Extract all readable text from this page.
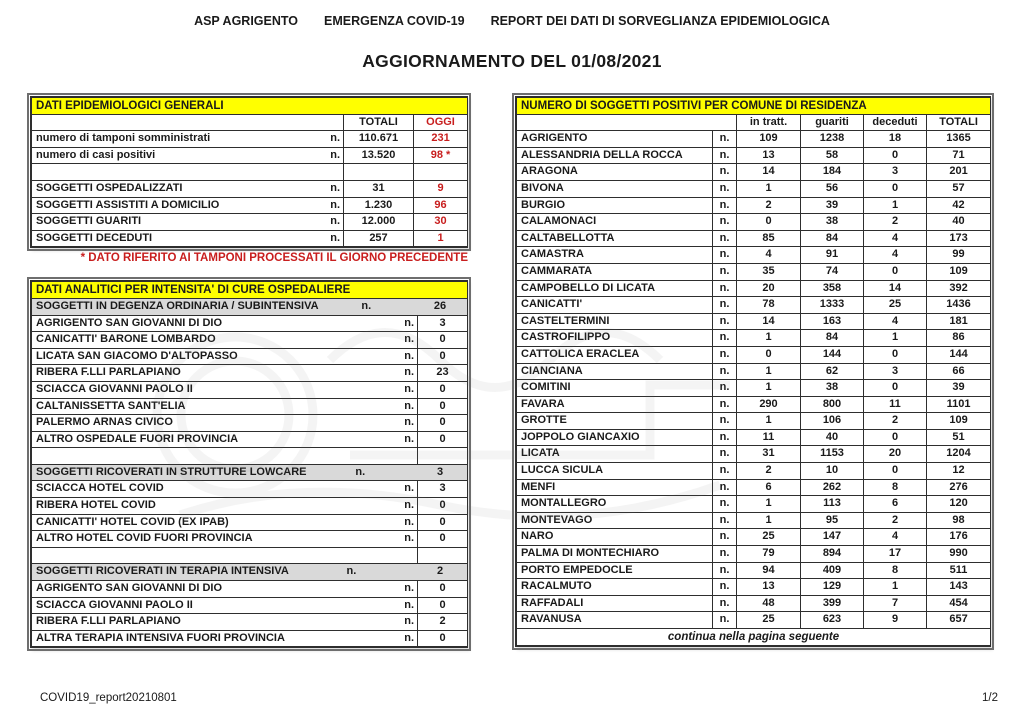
ASP AGRIGENTO EMERGENZA COVID-19 REPORT DEI DATI DI SORVEGLIANZA EPIDEMIOLOGICA
AGGIORNAMENTO DEL 01/08/2021
DATI EPIDEMIOLOGICI GENERALI		
	TOTALI	OGGI

numero di tamponi somministrati n.	110.671	231

numero di casi positivi n.	13.520	98 *

SOGGETTI OSPEDALIZZATI n.	31	9

SOGGETTI ASSISTITI A DOMICILIO n.	1.230	96

SOGGETTI GUARITI n.	12.000	30

SOGGETTI DECEDUTI n.	257	1
* DATO RIFERITO AI TAMPONI PROCESSATI IL GIORNO PRECEDENTE
DATI ANALITICI PER INTENSITA' DI CURE OSPEDALIERE	

SOGGETTI IN DEGENZA ORDINARIA / SUBINTENSIVA n. 26	

AGRIGENTO SAN GIOVANNI DI DIO n.	3

CANICATTI' BARONE LOMBARDO n.	0

LICATA SAN GIACOMO D'ALTOPASSO n.	0

RIBERA F.LLI PARLAPIANO n.	23

SCIACCA GIOVANNI PAOLO II n.	0

CALTANISSETTA SANT'ELIA n.	0

PALERMO ARNAS CIVICO n.	0

ALTRO OSPEDALE FUORI PROVINCIA n.	0

SOGGETTI RICOVERATI IN STRUTTURE LOWCARE n. 3	

SCIACCA HOTEL COVID n.	3

RIBERA HOTEL COVID n.	0

CANICATTI' HOTEL COVID (EX IPAB) n.	0

ALTRO HOTEL COVID FUORI PROVINCIA n.	0

SOGGETTI RICOVERATI IN TERAPIA INTENSIVA n. 2	

AGRIGENTO SAN GIOVANNI DI DIO n.	0

SCIACCA GIOVANNI PAOLO II n.	0

RIBERA F.LLI PARLAPIANO n.	2

ALTRA TERAPIA INTENSIVA FUORI PROVINCIA n.	0
NUMERO DI SOGGETTI POSITIVI PER COMUNE DI RESIDENZA					
		in tratt.	guariti	deceduti	TOTALI
AGRIGENTO	n.	109	1238	18	1365
ALESSANDRIA DELLA ROCCA	n.	13	58	0	71
ARAGONA	n.	14	184	3	201
BIVONA	n.	1	56	0	57
BURGIO	n.	2	39	1	42
CALAMONACI	n.	0	38	2	40
CALTABELLOTTA	n.	85	84	4	173
CAMASTRA	n.	4	91	4	99
CAMMARATA	n.	35	74	0	109
CAMPOBELLO DI LICATA	n.	20	358	14	392
CANICATTI'	n.	78	1333	25	1436
CASTELTERMINI	n.	14	163	4	181
CASTROFILIPPO	n.	1	84	1	86
CATTOLICA ERACLEA	n.	0	144	0	144
CIANCIANA	n.	1	62	3	66
COMITINI	n.	1	38	0	39
FAVARA	n.	290	800	11	1101
GROTTE	n.	1	106	2	109
JOPPOLO GIANCAXIO	n.	11	40	0	51
LICATA	n.	31	1153	20	1204
LUCCA SICULA	n.	2	10	0	12
MENFI	n.	6	262	8	276
MONTALLEGRO	n.	1	113	6	120
MONTEVAGO	n.	1	95	2	98
NARO	n.	25	147	4	176
PALMA DI MONTECHIARO	n.	79	894	17	990
PORTO EMPEDOCLE	n.	94	409	8	511
RACALMUTO	n.	13	129	1	143
RAFFADALI	n.	48	399	7	454
RAVANUSA	n.	25	623	9	657
continua nella pagina seguente					
COVID19_report20210801	1/2
